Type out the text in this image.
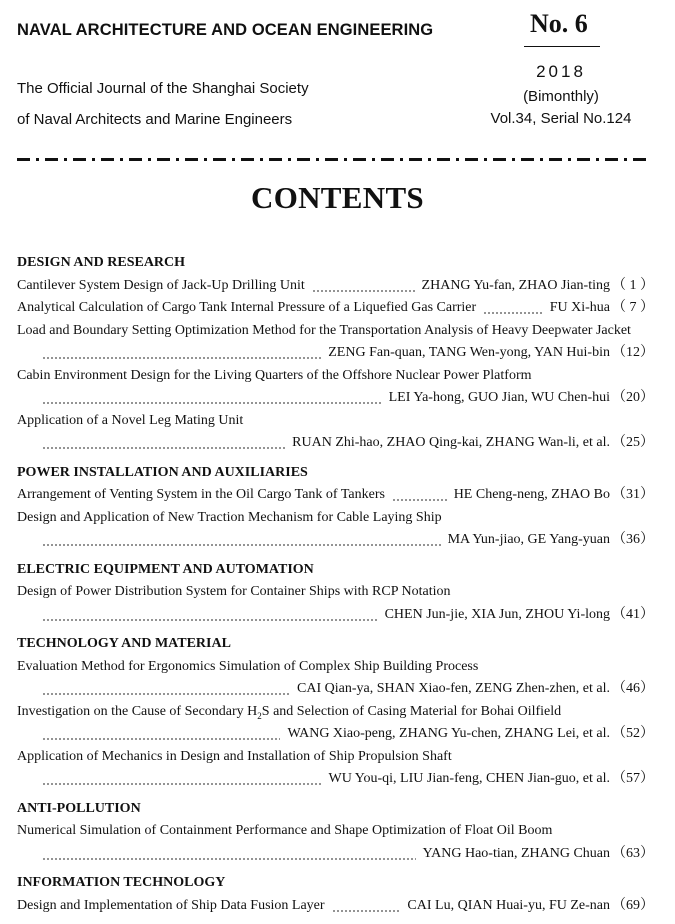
NAVAL ARCHITECTURE AND OCEAN ENGINEERING	No. 6
The Official Journal of the Shanghai Society
of Naval Architects and Marine Engineers
2018
(Bimonthly)
Vol.34, Serial No.124
CONTENTS
DESIGN AND RESEARCH
Cantilever System Design of Jack-Up Drilling Unit	ZHANG Yu-fan, ZHAO Jian-ting （ 1 ）
Analytical Calculation of Cargo Tank Internal Pressure of a Liquefied Gas Carrier	FU Xi-hua （ 7 ）
Load and Boundary Setting Optimization Method for the Transportation Analysis of Heavy Deepwater Jacket
ZENG Fan-quan, TANG Wen-yong, YAN Hui-bin （12）
Cabin Environment Design for the Living Quarters of the Offshore Nuclear Power Platform
LEI Ya-hong, GUO Jian, WU Chen-hui （20）
Application of a Novel Leg Mating Unit
RUAN Zhi-hao, ZHAO Qing-kai, ZHANG Wan-li, et al. （25）
POWER INSTALLATION AND AUXILIARIES
Arrangement of Venting System in the Oil Cargo Tank of Tankers	HE Cheng-neng, ZHAO Bo （31）
Design and Application of New Traction Mechanism for Cable Laying Ship
MA Yun-jiao, GE Yang-yuan （36）
ELECTRIC EQUIPMENT AND AUTOMATION
Design of Power Distribution System for Container Ships with RCP Notation
CHEN Jun-jie, XIA Jun, ZHOU Yi-long （41）
TECHNOLOGY AND MATERIAL
Evaluation Method for Ergonomics Simulation of Complex Ship Building Process
CAI Qian-ya, SHAN Xiao-fen, ZENG Zhen-zhen, et al. （46）
Investigation on the Cause of Secondary $H_2S$ and Selection of Casing Material for Bohai Oilfield
WANG Xiao-peng, ZHANG Yu-chen, ZHANG Lei, et al. （52）
Application of Mechanics in Design and Installation of Ship Propulsion Shaft
WU You-qi, LIU Jian-feng, CHEN Jian-guo, et al. （57）
ANTI-POLLUTION
Numerical Simulation of Containment Performance and Shape Optimization of Float Oil Boom
YANG Hao-tian, ZHANG Chuan （63）
INFORMATION TECHNOLOGY
Design and Implementation of Ship Data Fusion Layer	CAI Lu, QIAN Huai-yu, FU Ze-nan （69）
